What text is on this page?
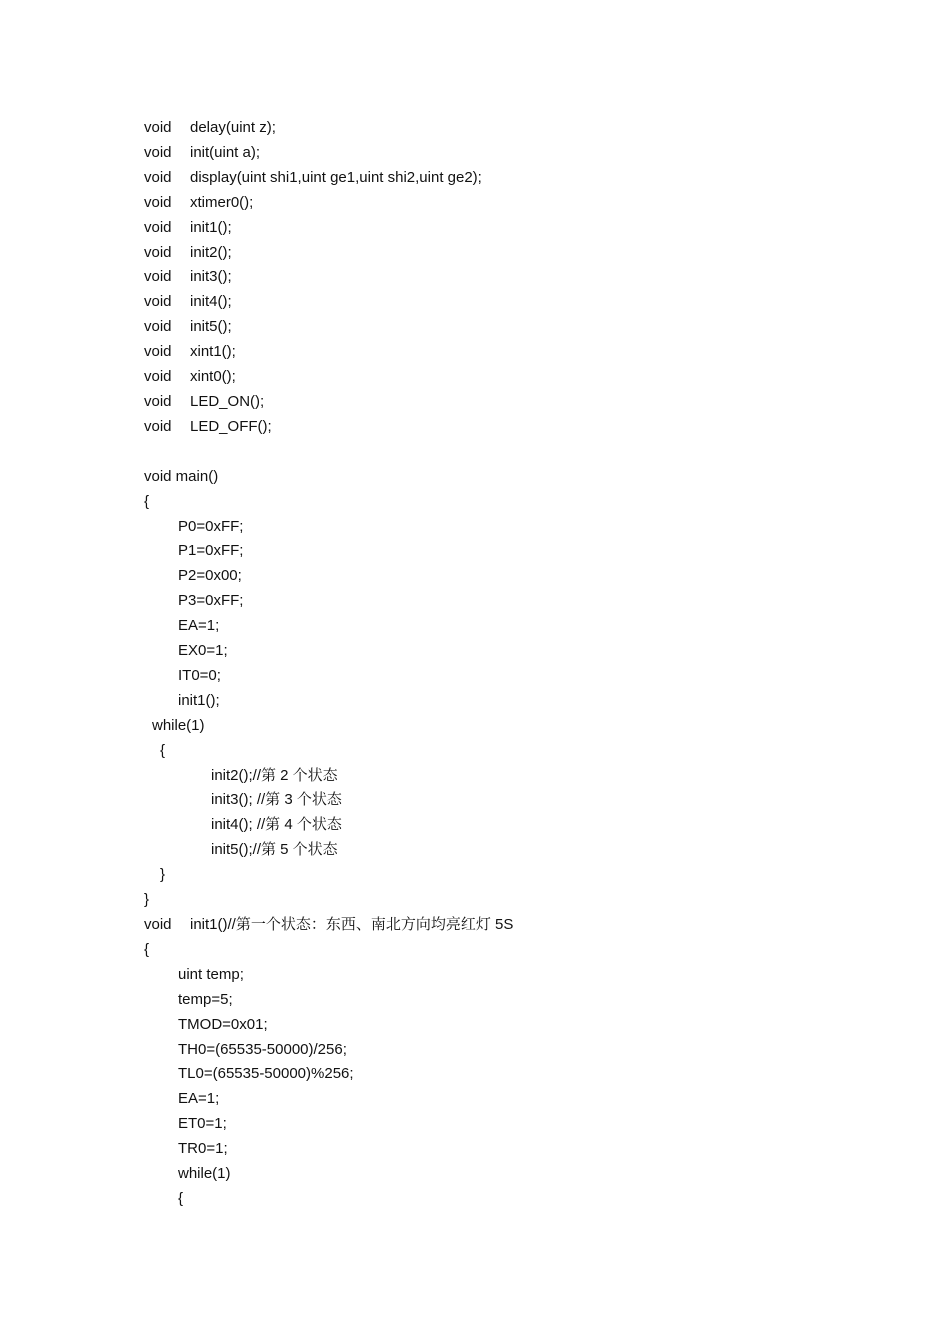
void delay(uint z);
void init(uint a);
void display(uint shi1,uint ge1,uint shi2,uint ge2);
void xtimer0();
void init1();
void init2();
void init3();
void init4();
void init5();
void xint1();
void xint0();
void LED_ON();
void LED_OFF();
void main()
{
P0=0xFF;
P1=0xFF;
P2=0x00;
P3=0xFF;
EA=1;
EX0=1;
IT0=0;
init1();
while(1)
{
init2();//第 2 个状态
init3(); //第 3 个状态
init4(); //第 4 个状态
init5();//第 5 个状态
}
}
void init1()//第一个状态：东西、南北方向均亮红灯 5S
{
uint temp;
temp=5;
TMOD=0x01;
TH0=(65535-50000)/256;
TL0=(65535-50000)%256;
EA=1;
ET0=1;
TR0=1;
while(1)
{
